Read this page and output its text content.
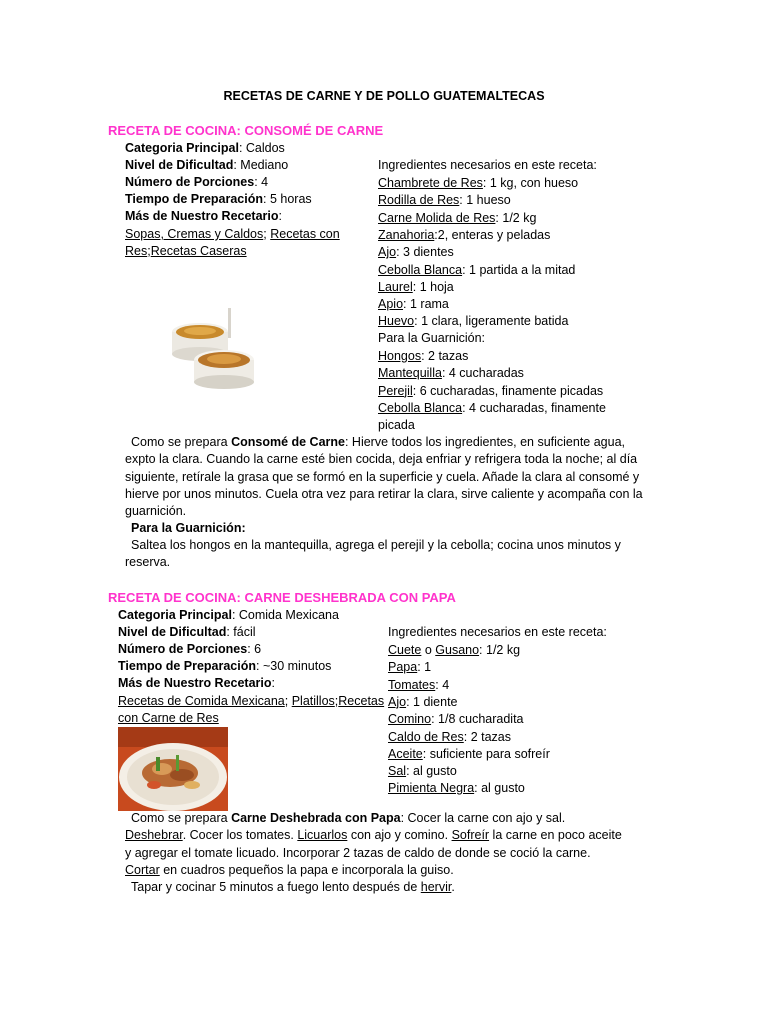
RECETAS DE CARNE Y DE POLLO GUATEMALTECAS
RECETA DE COCINA: CONSOMÉ DE CARNE
Categoria Principal: Caldos
Nivel de Dificultad: Mediano
Número de Porciones: 4
Tiempo de Preparación: 5 horas
Más de Nuestro Recetario:
Sopas, Cremas y Caldos; Recetas con
Res;Recetas Caseras
Ingredientes necesarios en este receta:
Chambrete de Res: 1 kg, con hueso
Rodilla de Res: 1 hueso
Carne Molida de Res: 1/2 kg
Zanahoria:2, enteras y peladas
Ajo: 3 dientes
Cebolla Blanca: 1 partida a la mitad
Laurel: 1 hoja
Apio: 1 rama
Huevo: 1 clara, ligeramente batida
Para la Guarnición:
Hongos: 2 tazas
Mantequilla: 4 cucharadas
Perejil: 6 cucharadas, finamente picadas
Cebolla Blanca: 4 cucharadas, finamente
picada
Como se prepara Consomé de Carne: Hierve todos los ingredientes, en suficiente agua, expto la clara. Cuando la carne esté bien cocida, deja enfriar y refrigera toda la noche; al día siguiente, retírale la grasa que se formó en la superficie y cuela. Añade la clara al consomé y hierve por unos minutos. Cuela otra vez para retirar la clara, sirve caliente y acompaña con la guarnición.
Para la Guarnición:
Saltea los hongos en la mantequilla, agrega el perejil y la cebolla; cocina unos minutos y reserva.
RECETA DE COCINA: CARNE DESHEBRADA CON PAPA
Categoria Principal: Comida Mexicana
Nivel de Dificultad: fácil
Número de Porciones: 6
Tiempo de Preparación: ~30 minutos
Más de Nuestro Recetario:
Recetas de Comida Mexicana; Platillos;Recetas
con Carne de Res
Ingredientes necesarios en este receta:
Cuete o Gusano: 1/2 kg
Papa: 1
Tomates: 4
Ajo: 1 diente
Comino: 1/8 cucharadita
Caldo de Res: 2 tazas
Aceite: suficiente para sofreír
Sal: al gusto
Pimienta Negra: al gusto
Como se prepara Carne Deshebrada con Papa: Cocer la carne con ajo y sal. Deshebrar. Cocer los tomates. Licuarlos con ajo y comino. Sofreír la carne en poco aceite y agregar el tomate licuado. Incorporar 2 tazas de caldo de donde se coció la carne. Cortar en cuadros pequeños la papa e incorporala la guiso.
Tapar y cocinar 5 minutos a fuego lento después de hervir.
